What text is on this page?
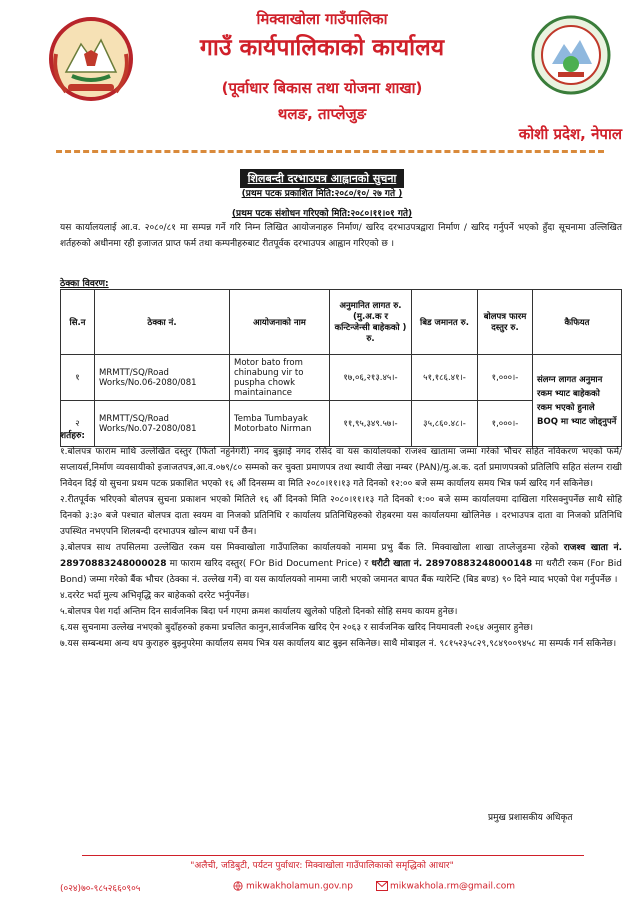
मिक्वाखोला गाउँपालिका
गाउँ कार्यपालिकाको कार्यालय
(पूर्वाधार बिकास तथा योजना शाखा)
थलङ, ताप्लेजुङ
कोशी प्रदेश, नेपाल
शिलबन्दी दरभाउपत्र आह्वानको सुचना
(प्रथम पटक प्रकाशित मिति:२०८०/१०/ २७ गते )
(प्रथम पटक संशोधन गरिएको मिति:२०८०।११।०१ गते)
यस कार्यालयलाई आ.व. २०८०/८१ मा सम्पन्न गर्ने गरि निम्न लिखित आयोजनाहरु निर्माण/ खरिद दरभाउपत्रद्वारा निर्माण / खरिद गर्नुपर्ने भएको हुँदा सूचनामा उल्लिखित शर्तहरुको अधीनमा रही इजाजत प्राप्त फर्म तथा कम्पनीहरुबाट रीतपूर्वक दरभाउपत्र आह्वान गरिएको छ ।
ठेक्का विवरण:
सि.न	ठेक्का नं.	आयोजनाको नाम	अनुमानित लागत रु.(मु.अ.क र कन्टिन्जेन्सी बाहेकको ) रु.	बिड जमानत रु.	बोलपत्र फारम दस्तुर रु.	कैफियत
१	MRMTT/SQ/Road Works/No.06-2080/081	Motor bato from chinabung vir to puspha chowk maintainance	१७,०६,२१३.४५।-	५१,१८६.४१।-	१,०००।-	संलग्न लागत अनुमान रकम भ्याट बाहेकको रकम भएको हुनाले BOQ मा भ्याट जोड्नुपर्ने
२	MRMTT/SQ/Road Works/No.07-2080/081	Temba Tumbayak Motorbato Nirman	११,९५,३४९.५७।-	३५,८६०.४८।-	१,०००।-	
शर्तहरु:

१.बोलपत्र फाराम माथि उल्लेखित दस्तुर (फिर्ता नहुनेगरी) नगद बुझाई नगद रसिद वा यस कार्यालयको राजश्व खातामा जम्मा गरेको भौचर सहित नविकरण भएको फर्म/सप्लायर्स,निर्माण व्यवसायीको इजाजतपत्र,आ.व.०७९/८० सम्मको कर चुक्ता प्रमाणपत्र तथा स्थायी लेखा नम्बर (PAN)/मु.अ.क. दर्ता प्रमाणपत्रको प्रतिलिपि सहित संलग्न राखी निवेदन दिई यो सुचना प्रथम पटक प्रकाशित भएको १६ औं दिनसम्म वा मिति २०८०।११।१३ गते दिनको १२:०० बजे सम्म कार्यालय समय भित्र फर्म खरिद गर्न सकिनेछ।

२.रीतपूर्वक भरिएको बोलपत्र सुचना प्रकाशन भएको मितिले १६ औं दिनको मिति २०८०।११।१३ गते दिनको १:०० बजे सम्म कार्यालयमा दाखिला गरिसक्नुपर्नेछ साथै सोहि दिनको ३:३० बजे पश्चात बोलपत्र दाता स्वयम वा निजको प्रतिनिधि र कार्यालय प्रतिनिधिहरुको रोहबरमा यस कार्यालयमा खोलिनेछ । दरभाउपत्र दाता वा निजको प्रतिनिधि उपस्थित नभएपनि शिलबन्दी दरभाउपत्र खोल्न बाधा पर्ने छैन।

३.बोलपत्र साथ तपसिलमा उल्लेखित रकम यस मिक्वाखोला गाउँपालिका कार्यालयको नाममा प्रभु बैंक लि. मिक्वाखोला शाखा ताप्लेजुङमा रहेको राजश्व खाता नं. 28970883248000028 मा फाराम खरिद दस्तुर( FOr Bid Document Price) र धरौटी खाता नं. 28970883248000148 मा धरौटी रकम (For Bid Bond) जम्मा गरेको बैंक भौचर (ठेक्का नं. उल्लेख गर्ने) वा यस कार्यालयको नाममा जारी भएको जमानत बापत बैंक ग्यारेन्टि (बिड बण्ड) ९० दिने म्याद भएको पेश गर्नुपर्नेछ ।

४.दररेट भर्दा मुल्य अभिवृद्धि कर बाहेकको दररेट भर्नुपर्नेछ।

५.बोलपत्र पेश गर्दा अन्तिम दिन सार्वजनिक बिदा पर्न गएमा क्रमश कार्यालय खुलेको पहिलो दिनको सोहि समय कायम हुनेछ।

६.यस सुचनामा उल्लेख नभएको बुदाँहरुको हकमा प्रचलित कानुन,सार्वजनिक खरिद ऐन २०६३ र सार्वजनिक खरिद नियमावली २०६४ अनुसार हुनेछ।

७.यस सम्बन्धमा अन्य थप कुराहरु बुझ्नुपरेमा कार्यालय समय भित्र यस कार्यालय बाट बुझ्न सकिनेछ। साथै मोबाइल नं. ९८१५२३५८२९,९८४९००९४५८ मा सम्पर्क गर्न सकिनेछ।

प्रमुख प्रशासकीय अधिकृत
"अलैची, जडिबुटी, पर्यटन पुर्वाधार: मिक्वाखोला गाउँपालिकाको समृद्धिको आधार"
(०२४)७०-९८५२६६०९०५	mikwakholamun.gov.np	mikwakhola.rm@gmail.com
